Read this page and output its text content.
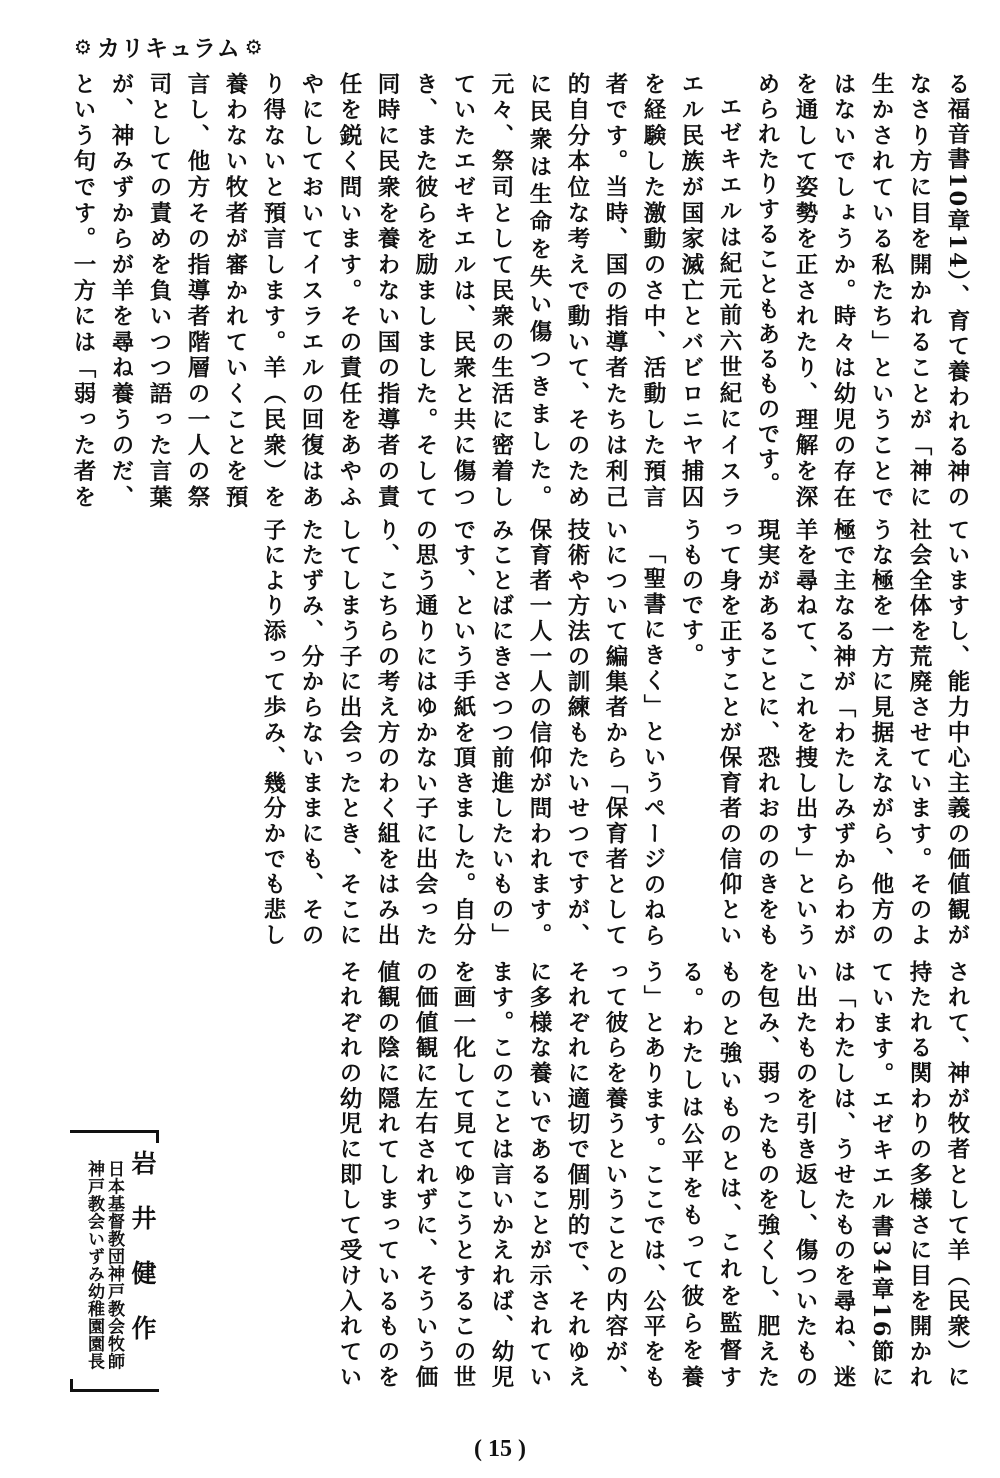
⚙ カリキュラム ⚙

る福音書10章14）、育て養われる神のなさり方に目を開かれることが「神に生かされている私たち」ということではないでしょうか。時々は幼児の存在を通して姿勢を正されたり、理解を深められたりすることもあるものです。

エゼキエルは紀元前六世紀にイスラエル民族が国家滅亡とバビロニヤ捕囚を経験した激動のさ中、活動した預言者です。当時、国の指導者たちは利己的自分本位な考えで動いて、そのために民衆は生命を失い傷つきました。元々、祭司として民衆の生活に密着していたエゼキエルは、民衆と共に傷つき、また彼らを励ましました。そして同時に民衆を養わない国の指導者の責任を鋭く問います。その責任をあやふやにしておいてイスラエルの回復はあり得ないと預言します。羊（民衆）を養わない牧者が審かれていくことを預言し、他方その指導者階層の一人の祭司としての責めを負いつつ語った言葉が、神みずからが羊を尋ね養うのだ、という句です。一方には「弱った者を

ていますし、能力中心主義の価値観が社会全体を荒廃させています。そのような極を一方に見据えながら、他方の極で主なる神が「わたしみずからわが羊を尋ねて、これを捜し出す」という現実があることに、恐れおののきをもって身を正すことが保育者の信仰というものです。

「聖書にきく」というページのねらいについて編集者から「保育者として技術や方法の訓練もたいせつですが、保育者一人一人の信仰が問われます。みことばにきさつつ前進したいもの」です、という手紙を頂きました。自分の思う通りにはゆかない子に出会ったり、こちらの考え方のわく組をはみ出してしまう子に出会ったとき、そこにたたずみ、分からないままにも、その子により添って歩み、幾分かでも悲し

されて、神が牧者として羊（民衆）に持たれる関わりの多様さに目を開かれています。エゼキエル書34章16節には「わたしは、うせたものを尋ね、迷い出たものを引き返し、傷ついたものを包み、弱ったものを強くし、肥えたものと強いものとは、これを監督する。わたしは公平をもって彼らを養う」とあります。ここでは、公平をもって彼らを養うということの内容が、それぞれに適切で個別的で、それゆえに多様な養いであることが示されています。このことは言いかえれば、幼児を画一化して見てゆこうとするこの世の価値観に左右されずに、そういう価値観の陰に隠れてしまっているものをそれぞれの幼児に即して受け入れてい

岩井健作
日本基督教団神戸教会牧師
神戸教会いずみ幼稚園園長
( 15 )
